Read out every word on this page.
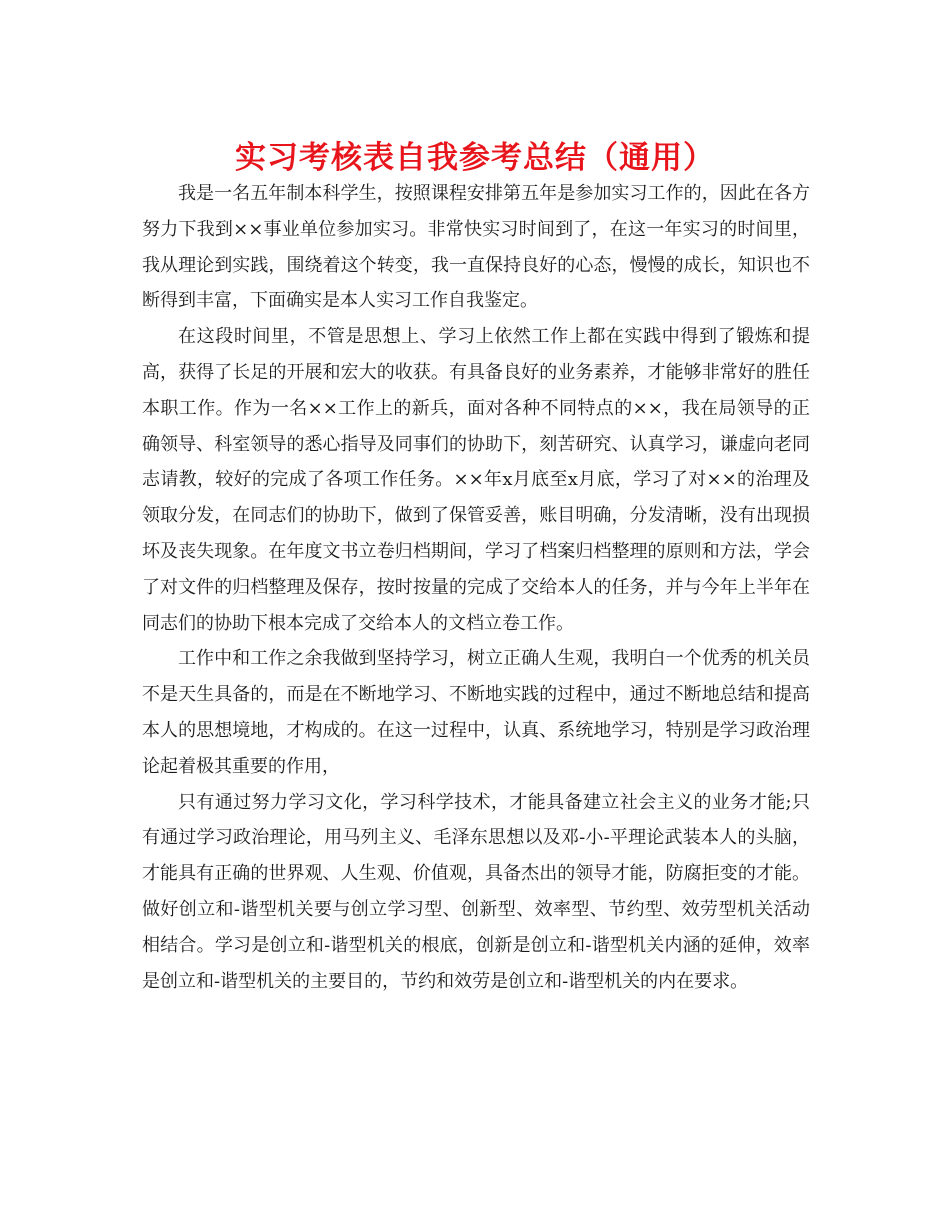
实习考核表自我参考总结（通用）

我是一名五年制本科学生，按照课程安排第五年是参加实习工作的，因此在各方努力下我到××事业单位参加实习。非常快实习时间到了，在这一年实习的时间里，我从理论到实践，围绕着这个转变，我一直保持良好的心态，慢慢的成长，知识也不断得到丰富，下面确实是本人实习工作自我鉴定。

在这段时间里，不管是思想上、学习上依然工作上都在实践中得到了锻炼和提高，获得了长足的开展和宏大的收获。有具备良好的业务素养，才能够非常好的胜任本职工作。作为一名××工作上的新兵，面对各种不同特点的××，我在局领导的正确领导、科室领导的悉心指导及同事们的协助下，刻苦研究、认真学习，谦虚向老同志请教，较好的完成了各项工作任务。××年x月底至x月底，学习了对××的治理及领取分发，在同志们的协助下，做到了保管妥善，账目明确，分发清晰，没有出现损坏及丧失现象。在年度文书立卷归档期间，学习了档案归档整理的原则和方法，学会了对文件的归档整理及保存，按时按量的完成了交给本人的任务，并与今年上半年在同志们的协助下根本完成了交给本人的文档立卷工作。

工作中和工作之余我做到坚持学习，树立正确人生观，我明白一个优秀的机关员不是天生具备的，而是在不断地学习、不断地实践的过程中，通过不断地总结和提高本人的思想境地，才构成的。在这一过程中，认真、系统地学习，特别是学习政治理论起着极其重要的作用，

只有通过努力学习文化，学习科学技术，才能具备建立社会主义的业务才能;只有通过学习政治理论，用马列主义、毛泽东思想以及邓-小-平理论武装本人的头脑，才能具有正确的世界观、人生观、价值观，具备杰出的领导才能，防腐拒变的才能。做好创立和-谐型机关要与创立学习型、创新型、效率型、节约型、效劳型机关活动相结合。学习是创立和-谐型机关的根底，创新是创立和-谐型机关内涵的延伸，效率是创立和-谐型机关的主要目的，节约和效劳是创立和-谐型机关的内在要求。
